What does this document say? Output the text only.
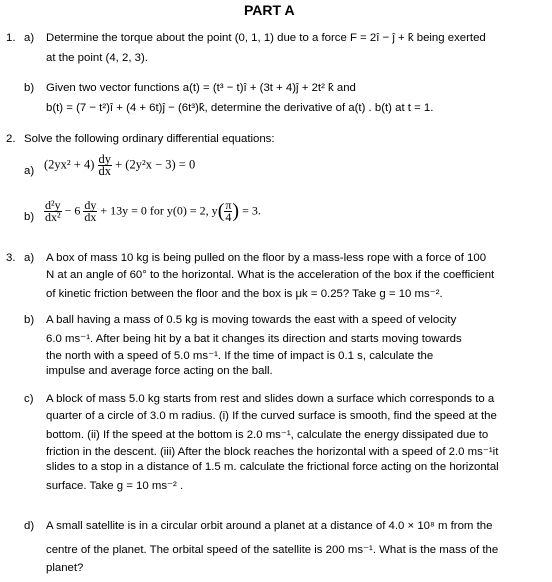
PART A
1. a) Determine the torque about the point (0, 1, 1) due to a force F = 2î − ĵ + k̂ being exerted
at the point (4, 2, 3).
b) Given two vector functions a(t) = (t³ − t)î + (3t + 4)ĵ + 2t² k̂ and
b(t) = (7 − t²)î + (4 + 6t)ĵ − (6t³)k̂, determine the derivative of a(t) . b(t) at t = 1.
2. Solve the following ordinary differential equations:
a) $(2yx^2 + 4) \frac{dy}{dx} + (2y^2x - 3) = 0$
$b) \frac{\text{d²y}}{\text{dx²}} - 6 \frac{dy}{dx} + 13y = 0$ for y(0) = 2, $y( \frac{\pi}{4}$ ) = 3.
3. a) A box of mass 10 kg is being pulled on the floor by a mass-less rope with a force of 100
N at an angle of 60° to the horizontal. What is the acceleration of the box if the coefficient
of kinetic friction between the floor and the box is μk = 0.25? Take g = 10 ms⁻².
b) A ball having a mass of 0.5 kg is moving towards the east with a speed of velocity
6.0 ms⁻¹. After being hit by a bat it changes its direction and starts moving towards
the north with a speed of 5.0 ms⁻¹. If the time of impact is 0.1 s, calculate the
impulse and average force acting on the ball.
c) A block of mass 5.0 kg starts from rest and slides down a surface which corresponds to a
quarter of a circle of 3.0 m radius. (i) If the curved surface is smooth, find the speed at the
bottom. (ii) If the speed at the bottom is 2.0 ms⁻¹, calculate the energy dissipated due to
friction in the descent. (iii) After the block reaches the horizontal with a speed of 2.0 ms⁻¹it
slides to a stop in a distance of 1.5 m. calculate the frictional force acting on the horizontal
surface. Take g = 10 ms⁻² .
d) A small satellite is in a circular orbit around a planet at a distance of 4.0 × 10⁸ m from the
centre of the planet. The orbital speed of the satellite is 200 ms⁻¹. What is the mass of the
planet?
